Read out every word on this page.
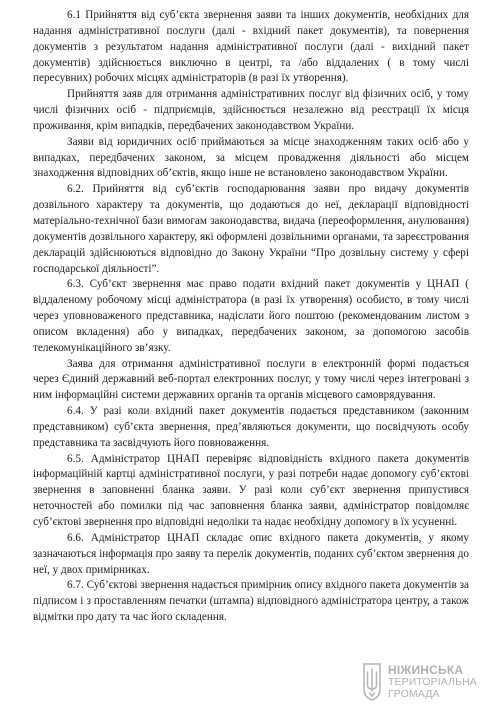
6.1 Прийняття від суб’єкта звернення заяви та інших документів, необхідних для надання адміністративної послуги (далі - вхідний пакет документів), та повернення документів з результатом надання адміністративної послуги (далі - вихідний пакет документів) здійснюється виключно в центрі, та /або віддалених ( в тому числі пересувних) робочих місцях адміністраторів (в разі їх утворення).

Прийняття заяв для отримання адміністративних послуг від фізичних осіб, у тому числі фізичних осіб - підприємців, здійснюється незалежно від реєстрації їх місця проживання, крім випадків, передбачених законодавством України.

Заяви від юридичних осіб приймаються за місце знаходженням таких осіб або у випадках, передбачених законом, за місцем провадження діяльності або місцем знаходження відповідних об’єктів, якщо інше не встановлено законодавством України.

6.2. Прийняття від суб’єктів господарювання заяви про видачу документів дозвільного характеру та документів, що додаються до неї, декларації відповідності матеріально-технічної бази вимогам законодавства, видача (переоформлення, анулювання) документів дозвільного характеру, які оформлені дозвільними органами, та зареєстрования декларацій здійснюються відповідно до Закону України “Про дозвільну систему у сфері господарської діяльності”.

6.3. Суб’єкт звернення має право подати вхідний пакет документів у ЦНАП ( віддаленому робочому місці адміністратора (в разі їх утворення) особисто, в тому числі через уповноваженого представника, надіслати його поштою (рекомендованим листом з описом вкладення) або у випадках, передбачених законом, за допомогою засобів телекомунікаційного зв’язку.

Заява для отримання адміністративної послуги в електронній формі подається через Єдиний державний веб-портал електронних послуг, у тому числі через інтегровані з ним інформаційні системи державних органів та органів місцевого самоврядування.

6.4. У разі коли вхідний пакет документів подається представником (законним представником) суб’єкта звернення, пред’являються документи, що посвідчують особу представника та засвідчують його повноваження.

6.5. Адміністратор ЦНАП перевіряє відповідність вхідного пакета документів інформаційній картці адміністративної послуги, у разі потреби надає допомогу суб’єктові звернення в заповненні бланка заяви. У разі коли суб’єкт звернення припустився неточностей або помилки під час заповнення бланка заяви, адміністратор повідомляє суб’єктові звернення про відповідні недоліки та надає необхідну допомогу в їх усуненні.

6.6. Адміністратор ЦНАП складає опис вхідного пакета документів, у якому зазначаються інформація про заяву та перелік документів, поданих суб’єктом звернення до неї, у двох примірниках.

6.7. Суб’єктові звернення надається примірник опису вхідного пакета документів за підписом і з проставленням печатки (штампа) відповідного адміністратора центру, а також відмітки про дату та час його складення.

НІЖИНСЬКА
ТЕРИТОРІАЛЬНА
ГРОМАДА
